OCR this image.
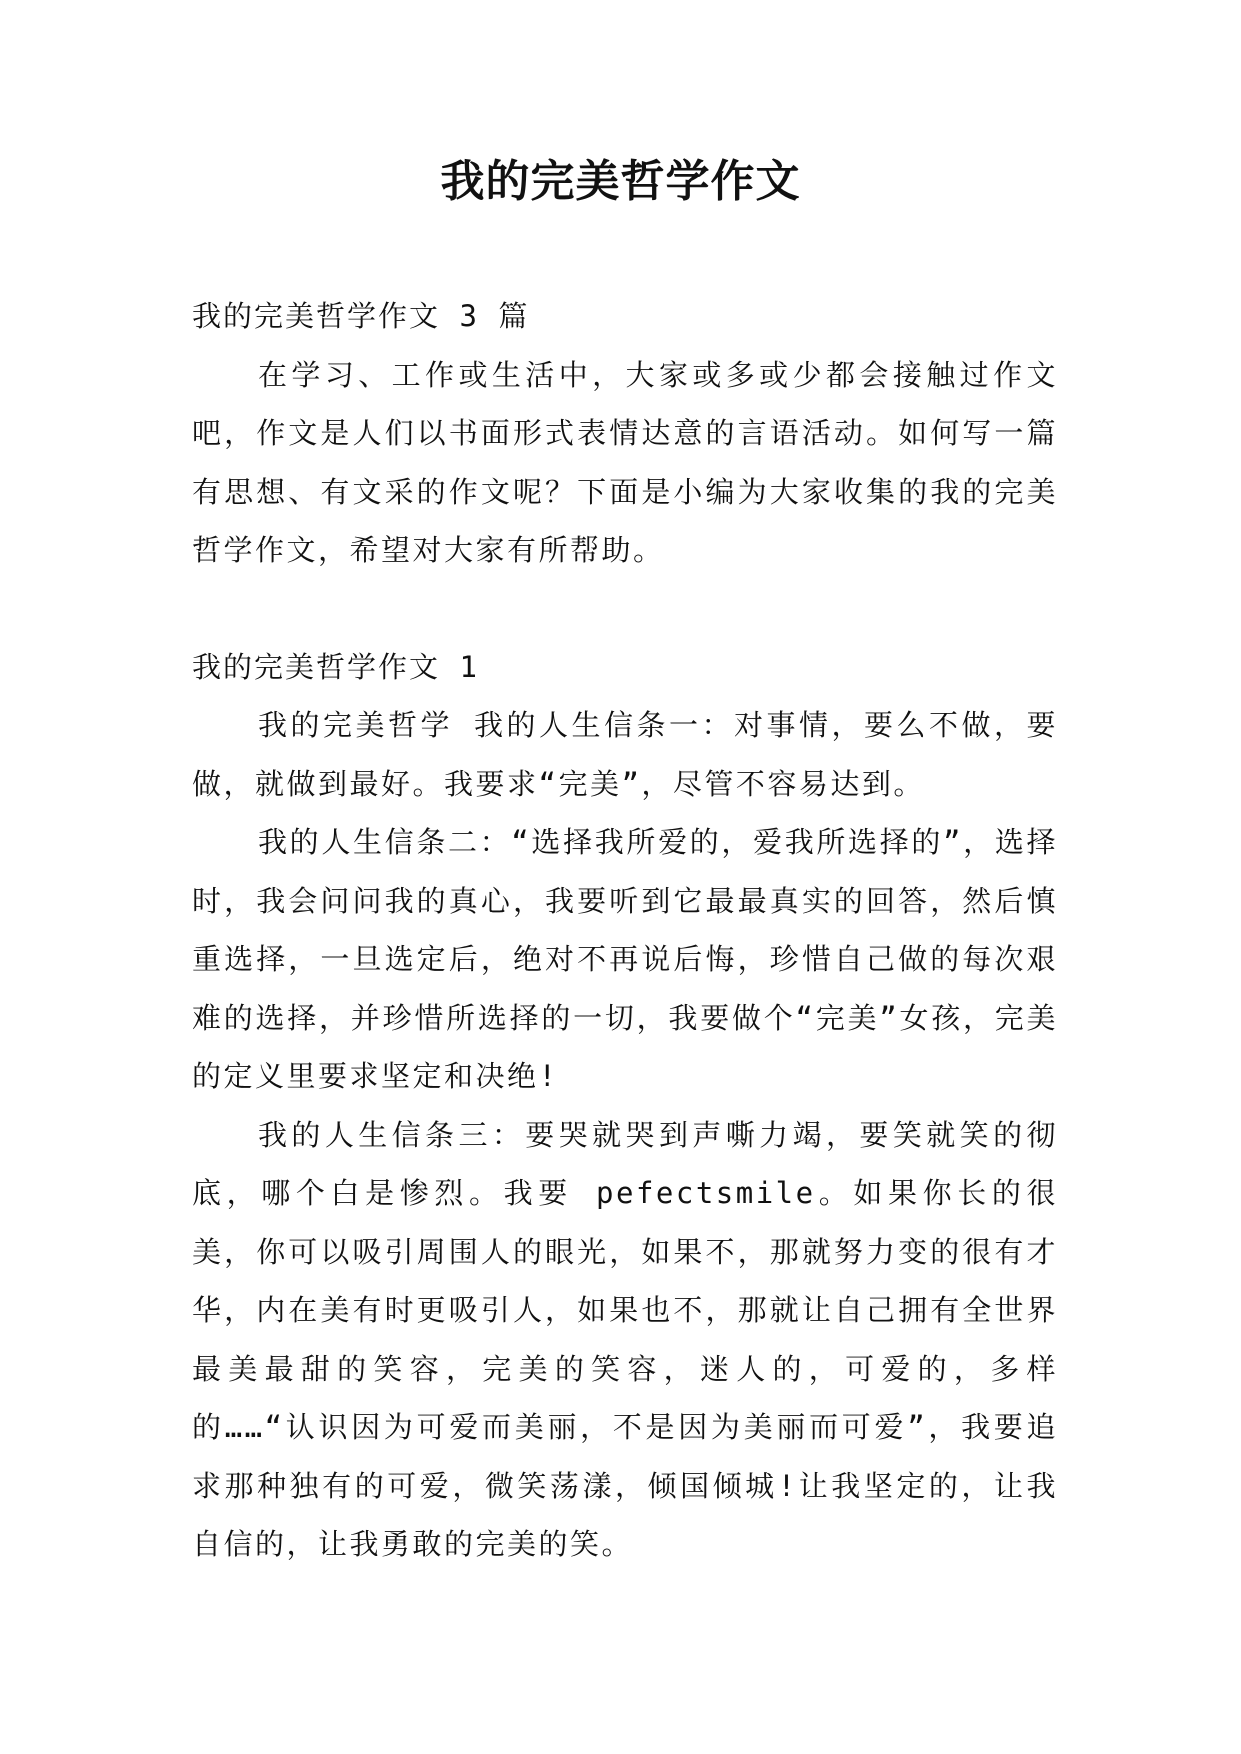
我的完美哲学作文

我的完美哲学作文 3 篇

在学习、工作或生活中，大家或多或少都会接触过作文吧，作文是人们以书面形式表情达意的言语活动。如何写一篇有思想、有文采的作文呢？下面是小编为大家收集的我的完美哲学作文，希望对大家有所帮助。

我的完美哲学作文 1

我的完美哲学 我的人生信条一：对事情，要么不做，要做，就做到最好。我要求“完美”，尽管不容易达到。

我的人生信条二：“选择我所爱的，爱我所选择的”，选择时，我会问问我的真心，我要听到它最最真实的回答，然后慎重选择，一旦选定后，绝对不再说后悔，珍惜自己做的每次艰难的选择，并珍惜所选择的一切，我要做个“完美”女孩，完美的定义里要求坚定和决绝!

我的人生信条三：要哭就哭到声嘶力竭，要笑就笑的彻底，哪个白是惨烈。我要 pefectsmile。如果你长的很美，你可以吸引周围人的眼光，如果不，那就努力变的很有才华，内在美有时更吸引人，如果也不，那就让自己拥有全世界最美最甜的笑容，完美的笑容，迷人的，可爱的，多样的……“认识因为可爱而美丽，不是因为美丽而可爱”，我要追求那种独有的可爱，微笑荡漾，倾国倾城!让我坚定的，让我自信的，让我勇敢的完美的笑。
